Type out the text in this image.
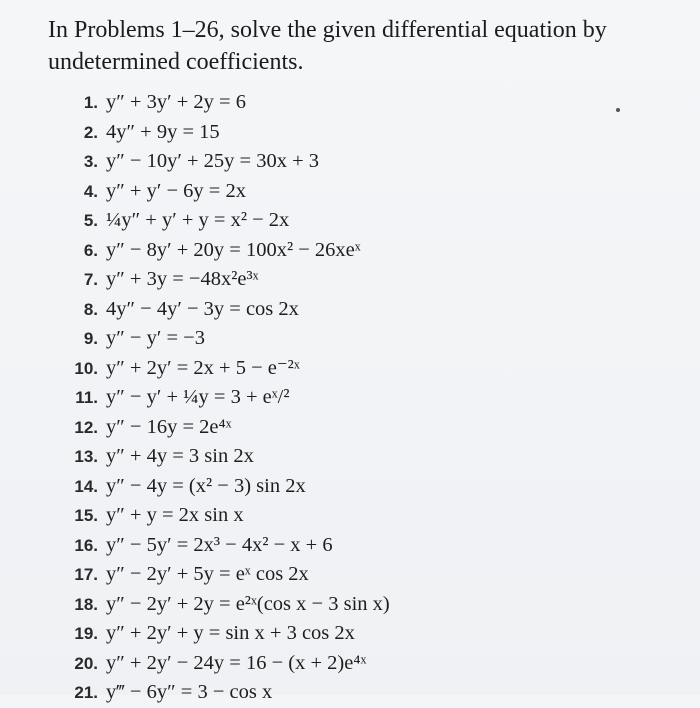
In Problems 1–26, solve the given differential equation by undetermined coefficients.
1. y″ + 3y′ + 2y = 6
2. 4y″ + 9y = 15
3. y″ − 10y′ + 25y = 30x + 3
4. y″ + y′ − 6y = 2x
5. ¼y″ + y′ + y = x² − 2x
6. y″ − 8y′ + 20y = 100x² − 26xeˣ
7. y″ + 3y = −48x²e³ˣ
8. 4y″ − 4y′ − 3y = cos 2x
9. y″ − y′ = −3
10. y″ + 2y′ = 2x + 5 − e⁻²ˣ
11. y″ − y′ + ¼y = 3 + eˣ/²
12. y″ − 16y = 2e⁴ˣ
13. y″ + 4y = 3 sin 2x
14. y″ − 4y = (x² − 3) sin 2x
15. y″ + y = 2x sin x
16. y″ − 5y′ = 2x³ − 4x² − x + 6
17. y″ − 2y′ + 5y = eˣ cos 2x
18. y″ − 2y′ + 2y = e²ˣ(cos x − 3 sin x)
19. y″ + 2y′ + y = sin x + 3 cos 2x
20. y″ + 2y′ − 24y = 16 − (x + 2)e⁴ˣ
21. y‴ − 6y″ = 3 − cos x
